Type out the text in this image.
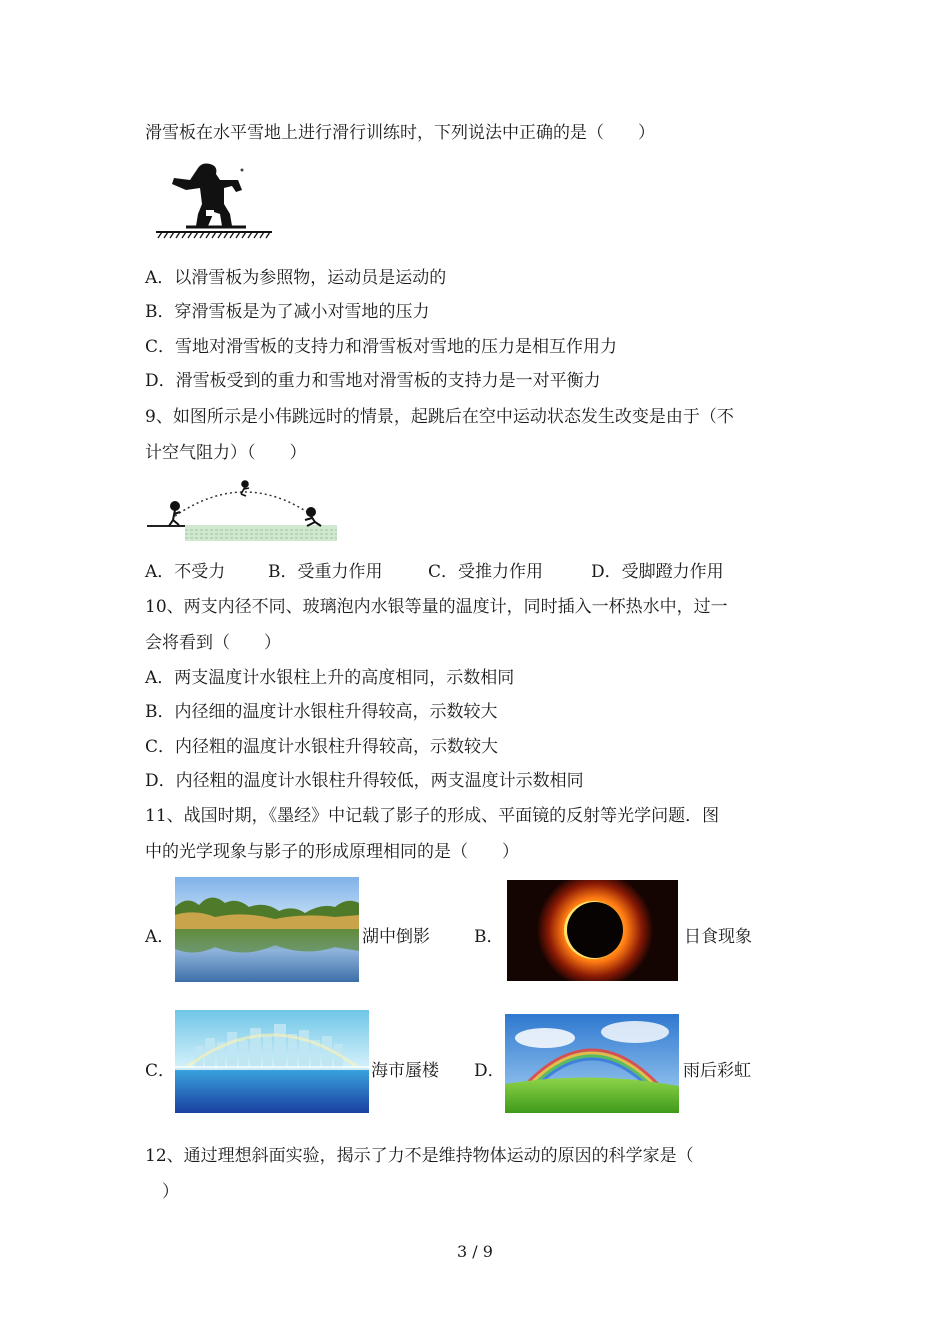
滑雪板在水平雪地上进行滑行训练时，下列说法中正确的是（　　）
A．以滑雪板为参照物，运动员是运动的
B．穿滑雪板是为了减小对雪地的压力
C．雪地对滑雪板的支持力和滑雪板对雪地的压力是相互作用力
D．滑雪板受到的重力和雪地对滑雪板的支持力是一对平衡力
9、如图所示是小伟跳远时的情景，起跳后在空中运动状态发生改变是由于（不
计空气阻力）（　　）
A．不受力	B．受重力作用	C．受推力作用	D．受脚蹬力作用
10、两支内径不同、玻璃泡内水银等量的温度计，同时插入一杯热水中，过一
会将看到（　　）
A．两支温度计水银柱上升的高度相同，示数相同
B．内径细的温度计水银柱升得较高，示数较大
C．内径粗的温度计水银柱升得较高，示数较大
D．内径粗的温度计水银柱升得较低，两支温度计示数相同
11、战国时期，《墨经》中记载了影子的形成、平面镜的反射等光学问题．图
中的光学现象与影子的形成原理相同的是（　　）
A．	湖中倒影	B．	日食现象
C．	海市蜃楼 D．	雨后彩虹
12、通过理想斜面实验，揭示了力不是维持物体运动的原因的科学家是（
　）
3 / 9
